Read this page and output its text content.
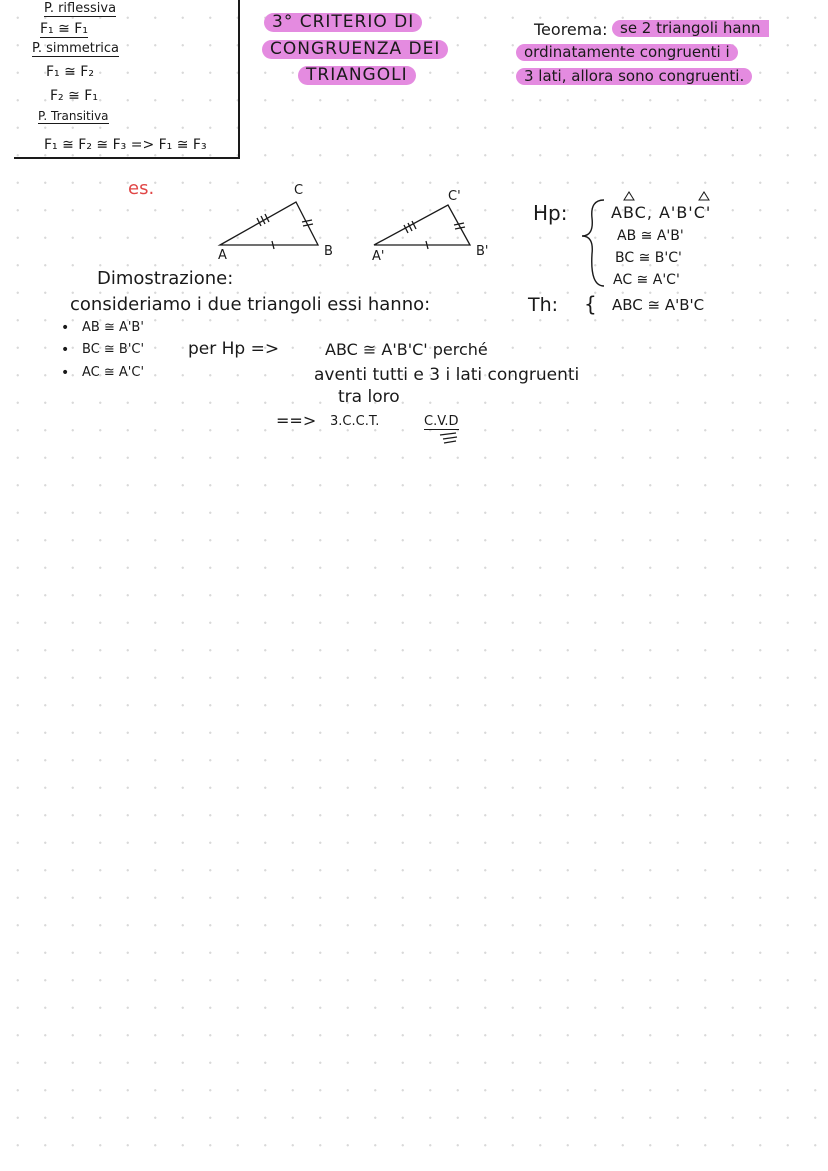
P. riflessiva
F₁ ≅ F₁
P. simmetrica
F₁ ≅ F₂
F₂ ≅ F₁
P. Transitiva
F₁ ≅ F₂ ≅ F₃ => F₁ ≅ F₃
3° CRITERIO DI
CONGRUENZA DEI
TRIANGOLI
Teorema: se 2 triangoli hann
ordinatamente congruenti i
3 lati, allora sono congruenti.
es.
A	B
C
A'	B'
C'
Hp:	ABC, A'B'C'
AB ≅ A'B'
BC ≅ B'C'
AC ≅ A'C'
Th: { ABC ≅ A'B'C
Dimostrazione:
consideriamo i due triangoli essi hanno:
• AB ≅ A'B'
• BC ≅ B'C'
• AC ≅ A'C'
per Hp =>	ABC ≅ A'B'C' perché
aventi tutti e 3 i lati congruenti
tra loro
==> 3.C.C.T.	C.V.D
